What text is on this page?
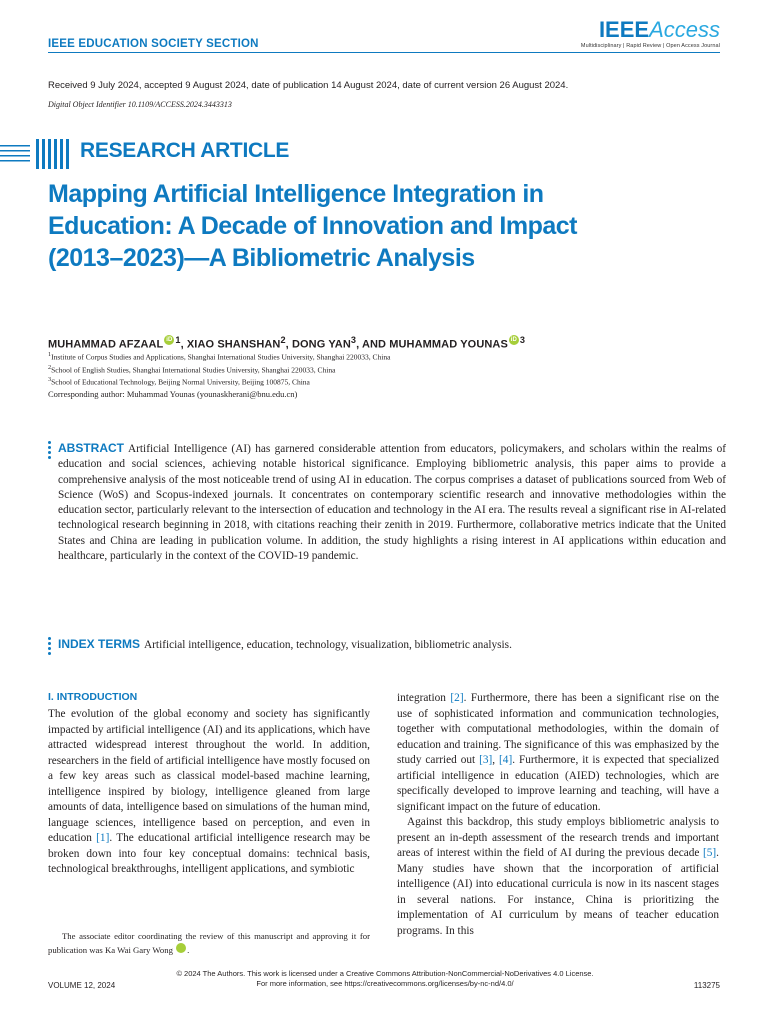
IEEE EDUCATION SOCIETY SECTION
IEEEAccess
Multidisciplinary | Rapid Review | Open Access Journal
Received 9 July 2024, accepted 9 August 2024, date of publication 14 August 2024, date of current version 26 August 2024.
Digital Object Identifier 10.1109/ACCESS.2024.3443313
RESEARCH ARTICLE
Mapping Artificial Intelligence Integration in Education: A Decade of Innovation and Impact (2013–2023)—A Bibliometric Analysis
MUHAMMAD AFZAAL iD $^1$, XIAO SHANSHAN$^2$, DONG YAN$^3$, AND MUHAMMAD YOUNAS iD $^3$
$^1$Institute of Corpus Studies and Applications, Shanghai International Studies University, Shanghai 220033, China
$^2$School of English Studies, Shanghai International Studies University, Shanghai 220033, China
$^3$School of Educational Technology, Beijing Normal University, Beijing 100875, China
Corresponding author: Muhammad Younas (younaskherani@bnu.edu.cn)
ABSTRACT Artificial Intelligence (AI) has garnered considerable attention from educators, policymakers, and scholars within the realms of education and social sciences, achieving notable historical significance. Employing bibliometric analysis, this paper aims to provide a comprehensive analysis of the most noticeable trend of using AI in education. The corpus comprises a dataset of publications sourced from Web of Science (WoS) and Scopus-indexed journals. It concentrates on contemporary scientific research and innovative methodologies within the education sector, particularly relevant to the intersection of education and technology in the AI era. The results reveal a significant rise in AI-related technological research beginning in 2018, with citations reaching their zenith in 2019. Furthermore, collaborative metrics indicate that the United States and China are leading in publication volume. In addition, the study highlights a rising interest in AI applications within education and healthcare, particularly in the context of the COVID-19 pandemic.
INDEX TERMS Artificial intelligence, education, technology, visualization, bibliometric analysis.
I. INTRODUCTION
The evolution of the global economy and society has significantly impacted by artificial intelligence (AI) and its applications, which have attracted widespread interest throughout the world. In addition, researchers in the field of artificial intelligence have mostly focused on a few key areas such as classical model-based machine learning, intelligence inspired by biology, intelligence gleaned from large amounts of data, intelligence based on simulations of the human mind, language sciences, intelligence based on perception, and even in education [1]. The educational artificial intelligence research may be broken down into four key conceptual domains: technical basis, technological breakthroughs, intelligent applications, and symbiotic

integration [2]. Furthermore, there has been a significant rise on the use of sophisticated information and communication technologies, together with computational methodologies, within the domain of education and training. The significance of this was emphasized by the study carried out [3], [4]. Furthermore, it is expected that specialized artificial intelligence in education (AIED) technologies, which are specifically developed to improve learning and teaching, will have a significant impact on the future of education.

Against this backdrop, this study employs bibliometric analysis to present an in-depth assessment of the research trends and important areas of interest within the field of AI during the previous decade [5]. Many studies have shown that the incorporation of artificial intelligence (AI) into educational curricula is now in its nascent stages in several nations. For instance, China is prioritizing the implementation of AI curriculum by means of teacher education programs. In this

The associate editor coordinating the review of this manuscript and approving it for publication was Ka Wai Gary Wong	iD.

VOLUME 12, 2024
© 2024 The Authors. This work is licensed under a Creative Commons Attribution-NonCommercial-NoDerivatives 4.0 License.
For more information, see https://creativecommons.org/licenses/by-nc-nd/4.0/	113275
